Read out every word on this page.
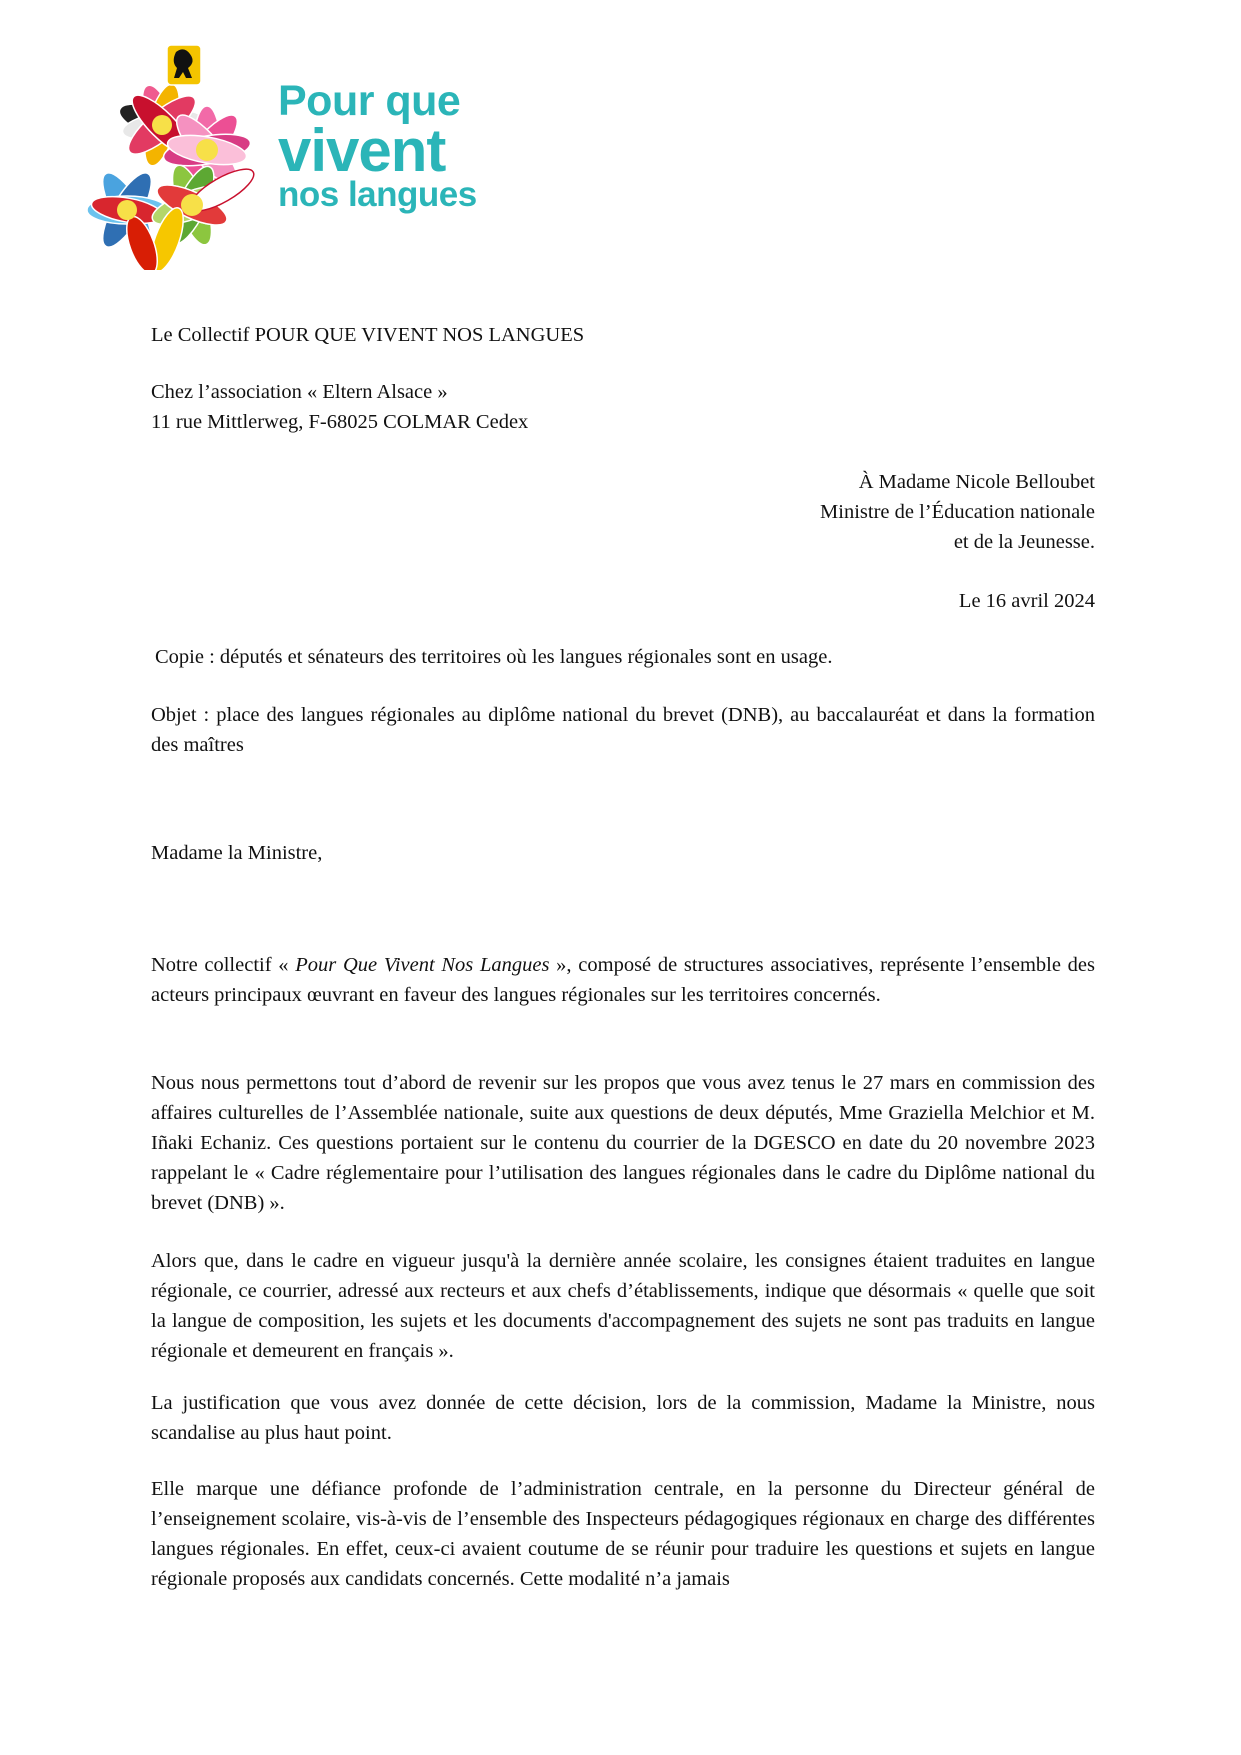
Pour que
vivent
nos langues

Le Collectif POUR QUE VIVENT NOS LANGUES

Chez l’association « Eltern Alsace »

11 rue Mittlerweg, F-68025 COLMAR Cedex

À Madame Nicole Belloubet

Ministre de l’Éducation nationale

et de la Jeunesse.

Le 16 avril 2024

Copie : députés et sénateurs des territoires où les langues régionales sont en usage.

Objet : place des langues régionales au diplôme national du brevet (DNB), au baccalauréat et dans la formation des maîtres

Madame la Ministre,

Notre collectif « Pour Que Vivent Nos Langues », composé de structures associatives, représente l’ensemble des acteurs principaux œuvrant en faveur des langues régionales sur les territoires concernés.

Nous nous permettons tout d’abord de revenir sur les propos que vous avez tenus le 27 mars en commission des affaires culturelles de l’Assemblée nationale, suite aux questions de deux députés, Mme Graziella Melchior et M. Iñaki Echaniz. Ces questions portaient sur le contenu du courrier de la DGESCO en date du 20 novembre 2023 rappelant le « Cadre réglementaire pour l’utilisation des langues régionales dans le cadre du Diplôme national du brevet (DNB) ».

Alors que, dans le cadre en vigueur jusqu'à la dernière année scolaire, les consignes étaient traduites en langue régionale, ce courrier, adressé aux recteurs et aux chefs d’établissements, indique que désormais « quelle que soit la langue de composition, les sujets et les documents d'accompagnement des sujets ne sont pas traduits en langue régionale et demeurent en français ».

La justification que vous avez donnée de cette décision, lors de la commission, Madame la Ministre, nous scandalise au plus haut point.

Elle marque une défiance profonde de l’administration centrale, en la personne du Directeur général de l’enseignement scolaire, vis-à-vis de l’ensemble des Inspecteurs pédagogiques régionaux en charge des différentes langues régionales. En effet, ceux-ci avaient coutume de se réunir pour traduire les questions et sujets en langue régionale proposés aux candidats concernés. Cette modalité n’a jamais
